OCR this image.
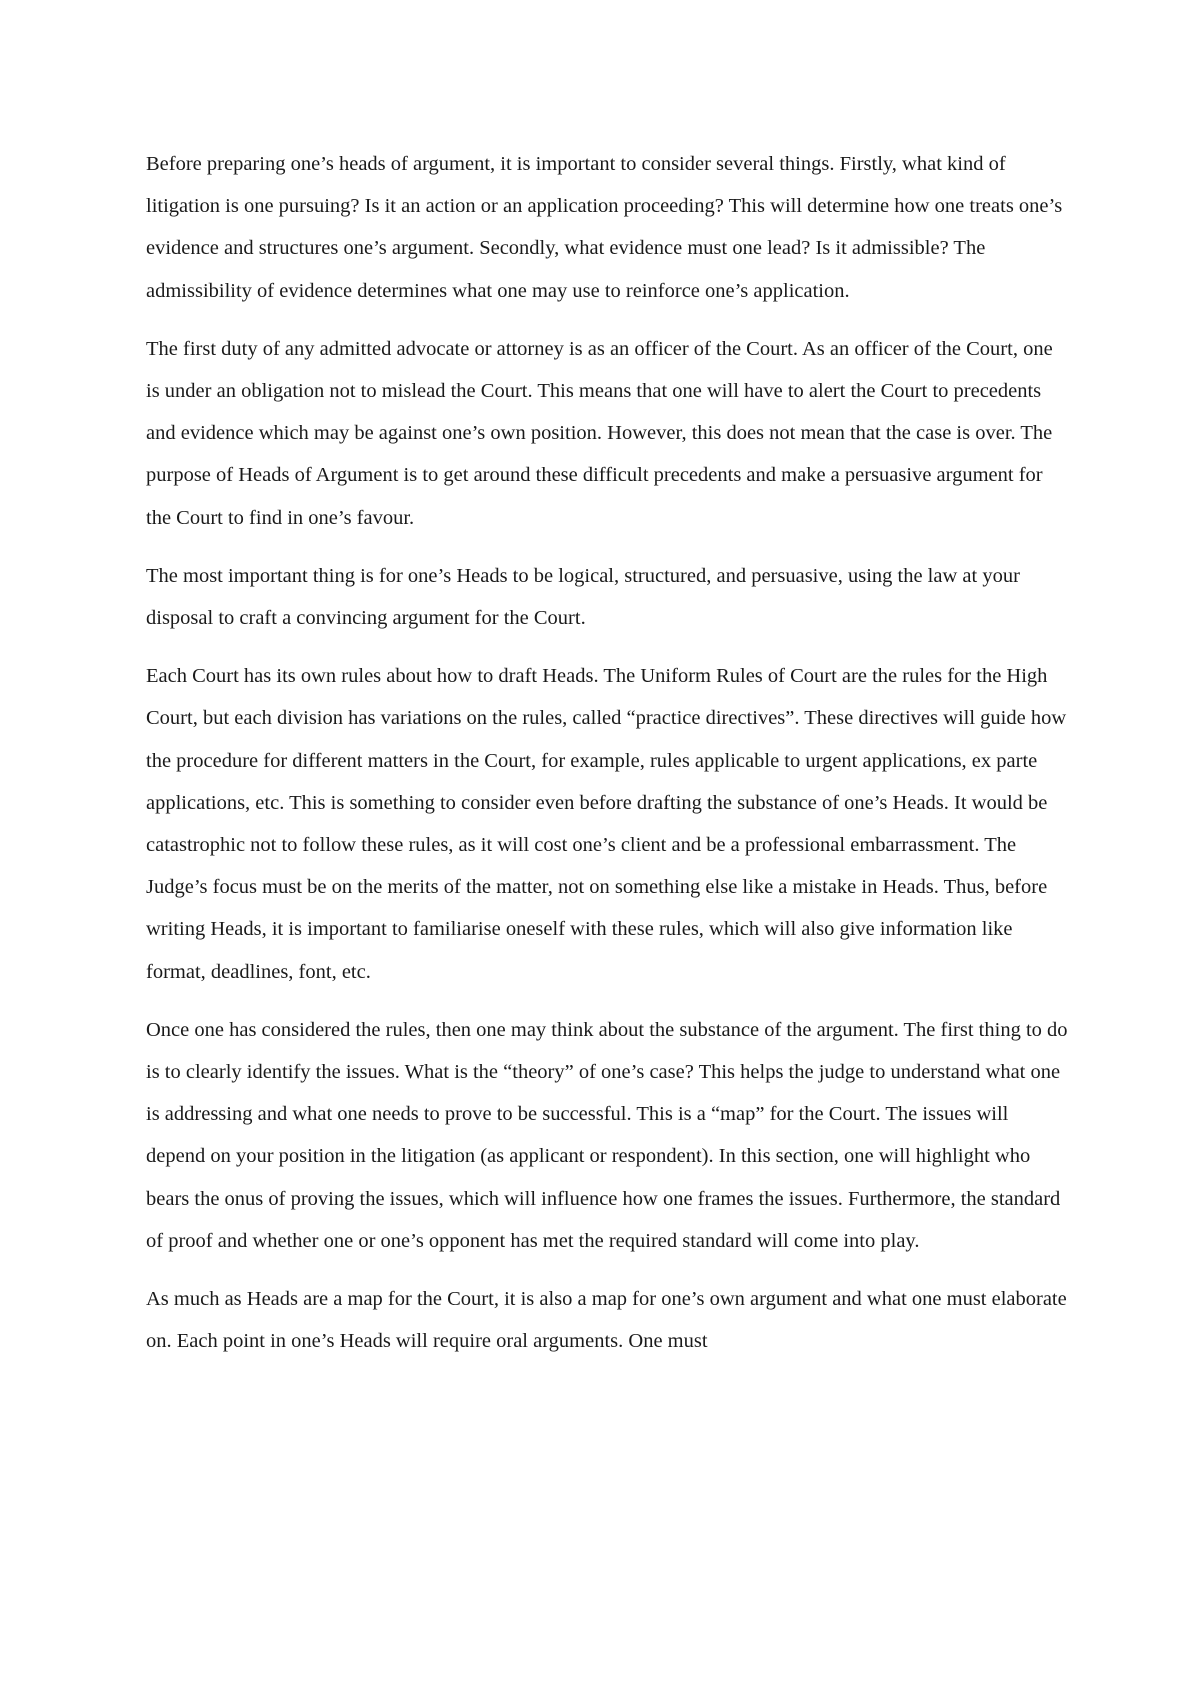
Before preparing one’s heads of argument, it is important to consider several things. Firstly, what kind of litigation is one pursuing? Is it an action or an application proceeding? This will determine how one treats one’s evidence and structures one’s argument. Secondly, what evidence must one lead? Is it admissible? The admissibility of evidence determines what one may use to reinforce one’s application.

The first duty of any admitted advocate or attorney is as an officer of the Court. As an officer of the Court, one is under an obligation not to mislead the Court. This means that one will have to alert the Court to precedents and evidence which may be against one’s own position. However, this does not mean that the case is over. The purpose of Heads of Argument is to get around these difficult precedents and make a persuasive argument for the Court to find in one’s favour.

The most important thing is for one’s Heads to be logical, structured, and persuasive, using the law at your disposal to craft a convincing argument for the Court.

Each Court has its own rules about how to draft Heads. The Uniform Rules of Court are the rules for the High Court, but each division has variations on the rules, called “practice directives”. These directives will guide how the procedure for different matters in the Court, for example, rules applicable to urgent applications, ex parte applications, etc. This is something to consider even before drafting the substance of one’s Heads. It would be catastrophic not to follow these rules, as it will cost one’s client and be a professional embarrassment. The Judge’s focus must be on the merits of the matter, not on something else like a mistake in Heads. Thus, before writing Heads, it is important to familiarise oneself with these rules, which will also give information like format, deadlines, font, etc.

Once one has considered the rules, then one may think about the substance of the argument. The first thing to do is to clearly identify the issues. What is the “theory” of one’s case? This helps the judge to understand what one is addressing and what one needs to prove to be successful. This is a “map” for the Court. The issues will depend on your position in the litigation (as applicant or respondent). In this section, one will highlight who bears the onus of proving the issues, which will influence how one frames the issues. Furthermore, the standard of proof and whether one or one’s opponent has met the required standard will come into play.

As much as Heads are a map for the Court, it is also a map for one’s own argument and what one must elaborate on. Each point in one’s Heads will require oral arguments. One must
